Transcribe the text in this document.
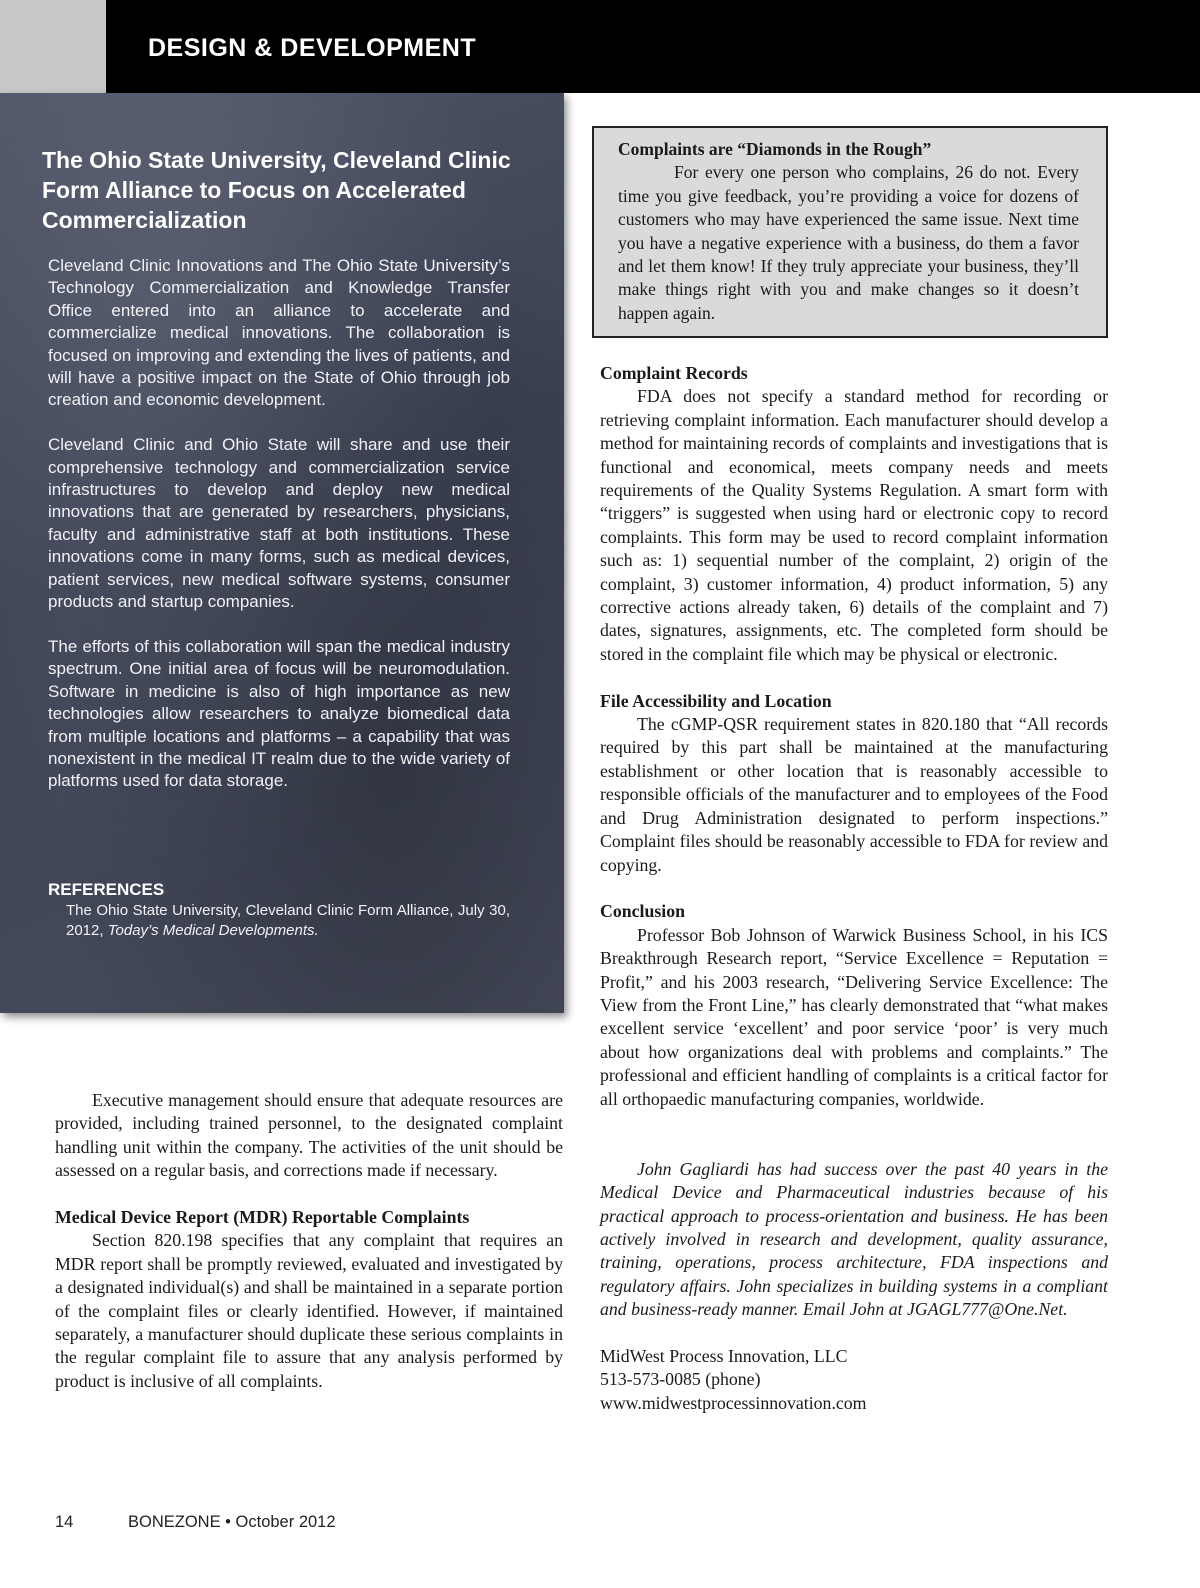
DESIGN & DEVELOPMENT
The Ohio State University, Cleveland Clinic Form Alliance to Focus on Accelerated Commercialization

Cleveland Clinic Innovations and The Ohio State University’s Technology Commercialization and Knowledge Transfer Office entered into an alliance to accelerate and commercialize medical innovations. The collaboration is focused on improving and extending the lives of patients, and will have a positive impact on the State of Ohio through job creation and economic development.

Cleveland Clinic and Ohio State will share and use their comprehensive technology and commercialization service infrastructures to develop and deploy new medical innovations that are generated by researchers, physicians, faculty and administrative staff at both institutions. These innovations come in many forms, such as medical devices, patient services, new medical software systems, consumer products and startup companies.

The efforts of this collaboration will span the medical industry spectrum. One initial area of focus will be neuromodulation. Software in medicine is also of high importance as new technologies allow researchers to analyze biomedical data from multiple locations and platforms – a capability that was nonexistent in the medical IT realm due to the wide variety of platforms used for data storage.

REFERENCES

The Ohio State University, Cleveland Clinic Form Alliance, July 30, 2012, Today’s Medical Developments.

Complaints are “Diamonds in the Rough”

For every one person who complains, 26 do not. Every time you give feedback, you’re providing a voice for dozens of customers who may have experienced the same issue. Next time you have a negative experience with a business, do them a favor and let them know! If they truly appreciate your business, they’ll make things right with you and make changes so it doesn’t happen again.

Executive management should ensure that adequate resources are provided, including trained personnel, to the designated complaint handling unit within the company. The activities of the unit should be assessed on a regular basis, and corrections made if necessary.

Medical Device Report (MDR) Reportable Complaints

Section 820.198 specifies that any complaint that requires an MDR report shall be promptly reviewed, evaluated and investigated by a designated individual(s) and shall be maintained in a separate portion of the complaint files or clearly identified. However, if maintained separately, a manufacturer should duplicate these serious complaints in the regular complaint file to assure that any analysis performed by product is inclusive of all complaints.

Complaint Records

FDA does not specify a standard method for recording or retrieving complaint information. Each manufacturer should develop a method for maintaining records of complaints and investigations that is functional and economical, meets company needs and meets requirements of the Quality Systems Regulation. A smart form with “triggers” is suggested when using hard or electronic copy to record complaints. This form may be used to record complaint information such as: 1) sequential number of the complaint, 2) origin of the complaint, 3) customer information, 4) product information, 5) any corrective actions already taken, 6) details of the complaint and 7) dates, signatures, assignments, etc. The completed form should be stored in the complaint file which may be physical or electronic.

File Accessibility and Location

The cGMP-QSR requirement states in 820.180 that “All records required by this part shall be maintained at the manufacturing establishment or other location that is reasonably accessible to responsible officials of the manufacturer and to employees of the Food and Drug Administration designated to perform inspections.” Complaint files should be reasonably accessible to FDA for review and copying.

Conclusion

Professor Bob Johnson of Warwick Business School, in his ICS Breakthrough Research report, “Service Excellence = Reputation = Profit,” and his 2003 research, “Delivering Service Excellence: The View from the Front Line,” has clearly demonstrated that “what makes excellent service ‘excellent’ and poor service ‘poor’ is very much about how organizations deal with problems and complaints.” The professional and efficient handling of complaints is a critical factor for all orthopaedic manufacturing companies, worldwide.

John Gagliardi has had success over the past 40 years in the Medical Device and Pharmaceutical industries because of his practical approach to process-orientation and business. He has been actively involved in research and development, quality assurance, training, operations, process architecture, FDA inspections and regulatory affairs. John specializes in building systems in a compliant and business-ready manner. Email John at JGAGL777@One.Net.

MidWest Process Innovation, LLC
513-573-0085 (phone)
www.midwestprocessinnovation.com
14	BONEZONE • October 2012
